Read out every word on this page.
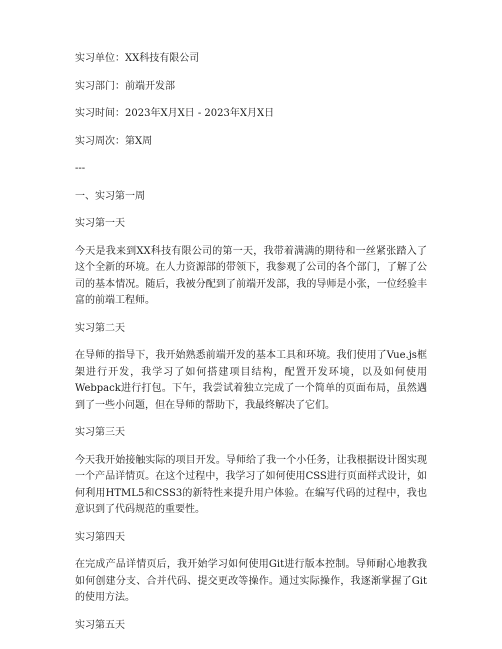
实习单位：XX科技有限公司

实习部门：前端开发部

实习时间：2023年X月X日 - 2023年X月X日

实习周次：第X周

---

一、实习第一周

实习第一天

今天是我来到XX科技有限公司的第一天，我带着满满的期待和一丝紧张踏入了这个全新的环境。在人力资源部的带领下，我参观了公司的各个部门，了解了公司的基本情况。随后，我被分配到了前端开发部，我的导师是小张，一位经验丰富的前端工程师。

实习第二天

在导师的指导下，我开始熟悉前端开发的基本工具和环境。我们使用了Vue.js框架进行开发，我学习了如何搭建项目结构，配置开发环境，以及如何使用Webpack进行打包。下午，我尝试着独立完成了一个简单的页面布局，虽然遇到了一些小问题，但在导师的帮助下，我最终解决了它们。

实习第三天

今天我开始接触实际的项目开发。导师给了我一个小任务，让我根据设计图实现一个产品详情页。在这个过程中，我学习了如何使用CSS进行页面样式设计，如何利用HTML5和CSS3的新特性来提升用户体验。在编写代码的过程中，我也意识到了代码规范的重要性。

实习第四天

在完成产品详情页后，我开始学习如何使用Git进行版本控制。导师耐心地教我如何创建分支、合并代码、提交更改等操作。通过实际操作，我逐渐掌握了Git的使用方法。

实习第五天
